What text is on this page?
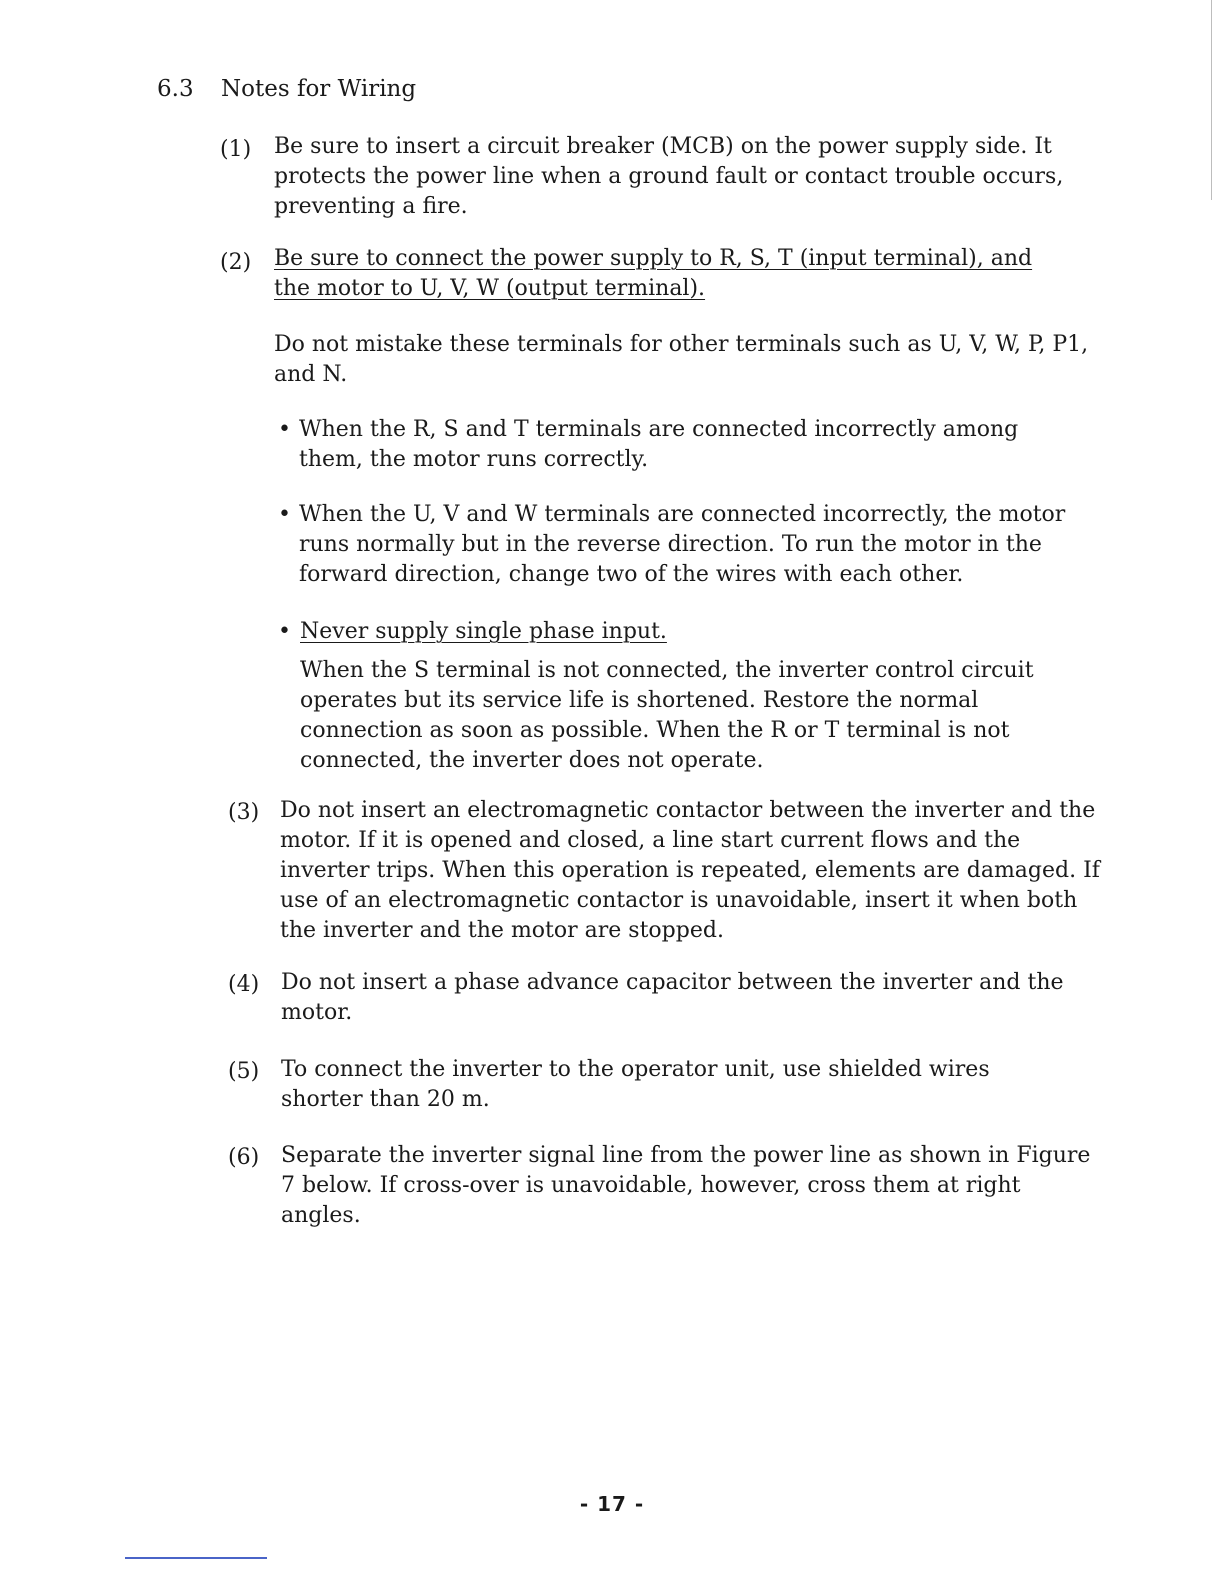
6.3 Notes for Wiring
(1) Be sure to insert a circuit breaker (MCB) on the power supply side. It protects the power line when a ground fault or contact trouble occurs, preventing a fire.
(2) Be sure to connect the power supply to R, S, T (input terminal), and the motor to U, V, W (output terminal).
Do not mistake these terminals for other terminals such as U, V, W, P, P1, and N.
• When the R, S and T terminals are connected incorrectly among them, the motor runs correctly.
• When the U, V and W terminals are connected incorrectly, the motor runs normally but in the reverse direction. To run the motor in the forward direction, change two of the wires with each other.
• Never supply single phase input.
When the S terminal is not connected, the inverter control circuit operates but its service life is shortened. Restore the normal connection as soon as possible. When the R or T terminal is not connected, the inverter does not operate.
(3) Do not insert an electromagnetic contactor between the inverter and the motor. If it is opened and closed, a line start current flows and the inverter trips. When this operation is repeated, elements are damaged. If use of an electromagnetic contactor is unavoidable, insert it when both the inverter and the motor are stopped.
(4) Do not insert a phase advance capacitor between the inverter and the motor.
(5) To connect the inverter to the operator unit, use shielded wires shorter than 20 m.
(6) Separate the inverter signal line from the power line as shown in Figure 7 below. If cross-over is unavoidable, however, cross them at right angles.
- 17 -
